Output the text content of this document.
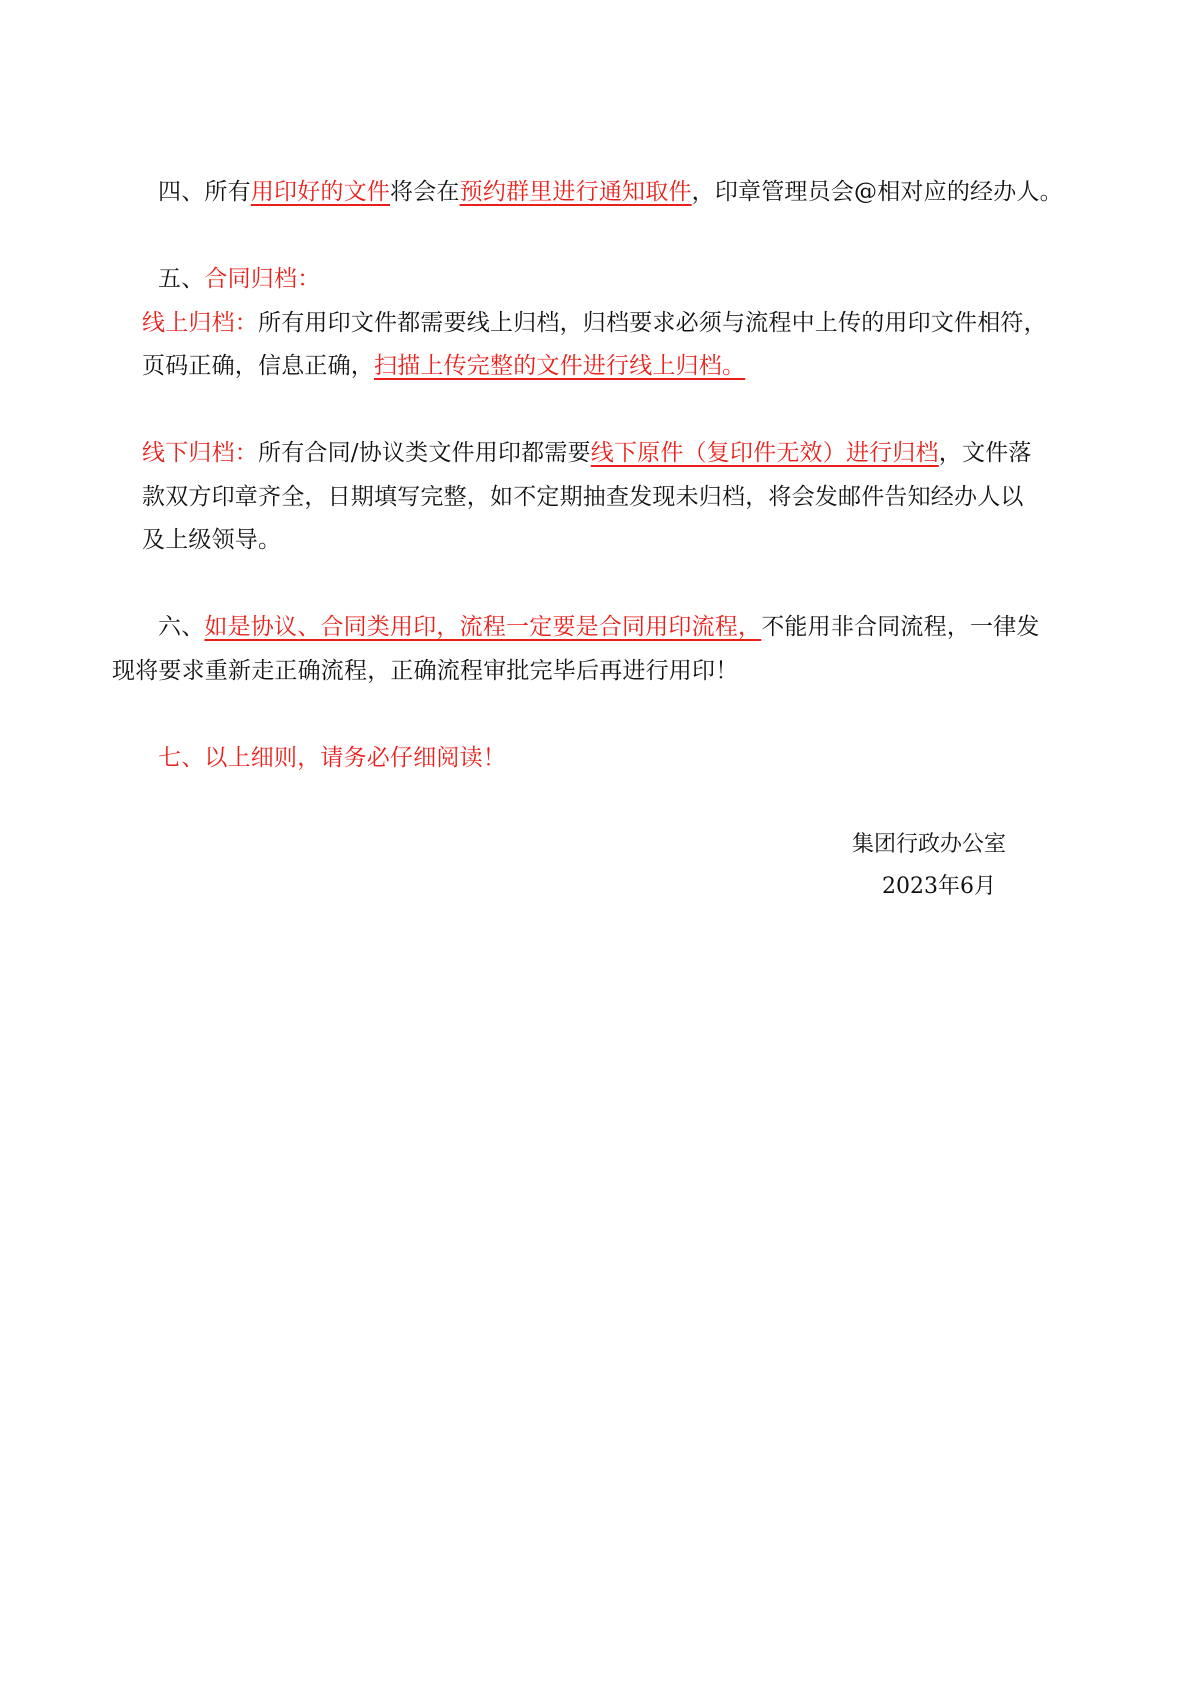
四、所有用印好的文件将会在预约群里进行通知取件，印章管理员会@相对应的经办人。
五、合同归档：
线上归档：所有用印文件都需要线上归档，归档要求必须与流程中上传的用印文件相符，
页码正确，信息正确，扫描上传完整的文件进行线上归档。
线下归档：所有合同/协议类文件用印都需要线下原件（复印件无效）进行归档，文件落
款双方印章齐全，日期填写完整，如不定期抽查发现未归档，将会发邮件告知经办人以
及上级领导。
六、如是协议、合同类用印，流程一定要是合同用印流程，不能用非合同流程，一律发
现将要求重新走正确流程，正确流程审批完毕后再进行用印！
七、以上细则，请务必仔细阅读！
集团行政办公室
2023年6月
